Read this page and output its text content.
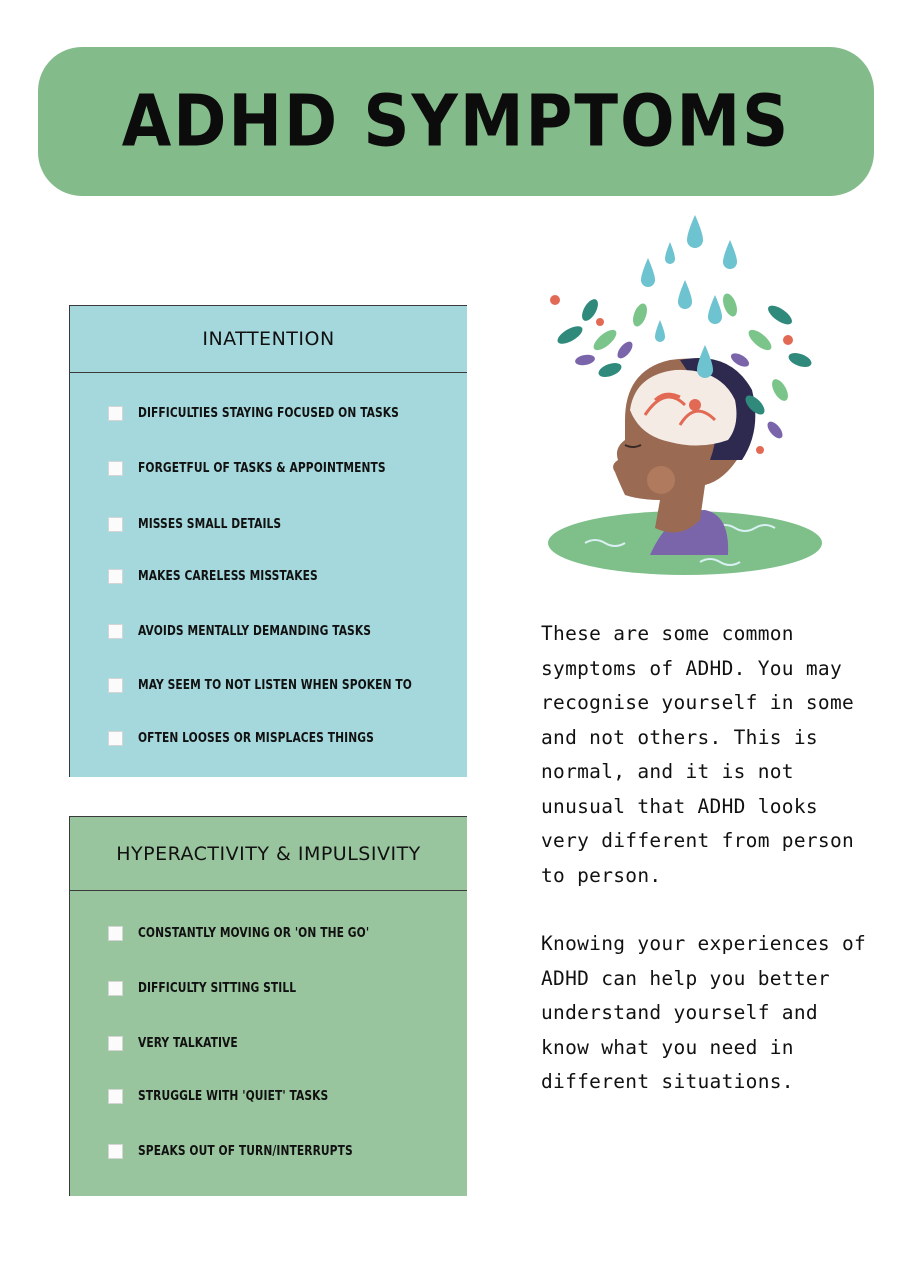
ADHD SYMPTOMS
INATTENTION
DIFFICULTIES STAYING FOCUSED ON TASKS
FORGETFUL OF TASKS & APPOINTMENTS
MISSES SMALL DETAILS
MAKES CARELESS MISSTAKES
AVOIDS MENTALLY DEMANDING TASKS
MAY SEEM TO NOT LISTEN WHEN SPOKEN TO
OFTEN LOOSES OR MISPLACES THINGS
HYPERACTIVITY & IMPULSIVITY
CONSTANTLY MOVING OR 'ON THE GO'
DIFFICULTY SITTING STILL
VERY TALKATIVE
STRUGGLE WITH 'QUIET' TASKS
SPEAKS OUT OF TURN/INTERRUPTS

These are some common symptoms of ADHD. You may recognise yourself in some and not others. This is normal, and it is not unusual that ADHD looks very different from person to person.

Knowing your experiences of ADHD can help you better understand yourself and know what you need in different situations.
